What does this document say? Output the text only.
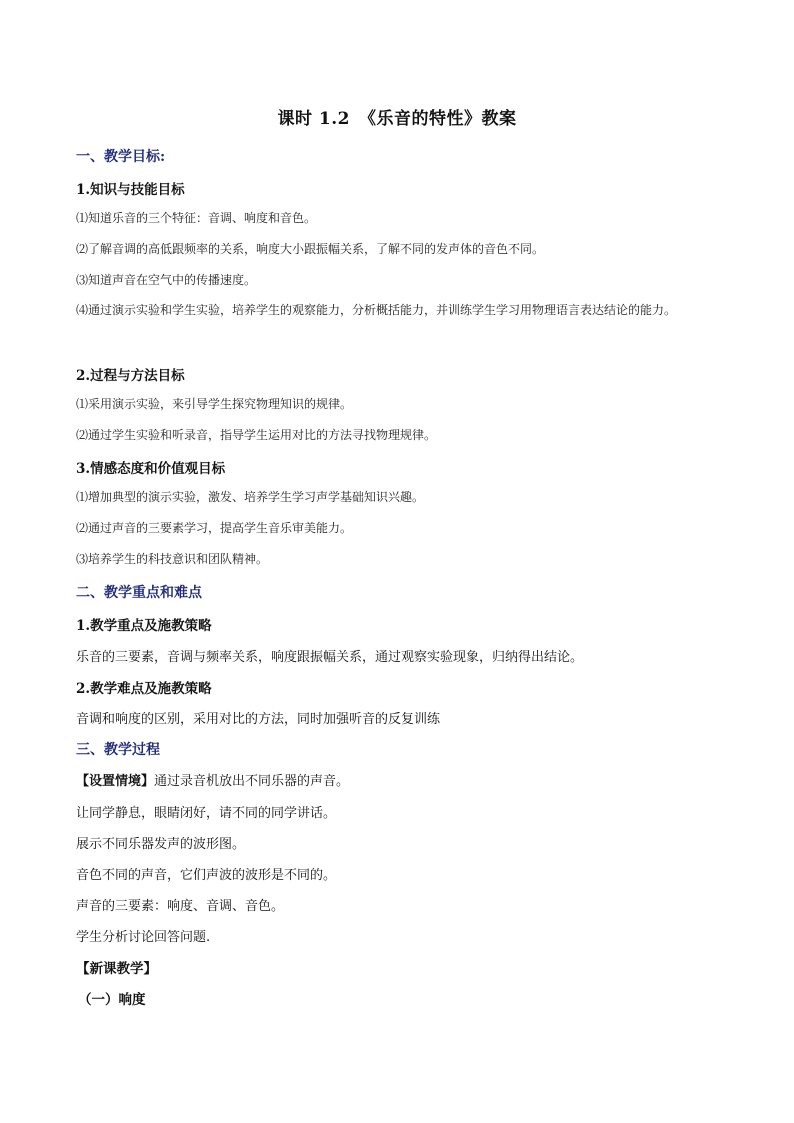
课时 1.2　《乐音的特性》教案
一、教学目标:
1.知识与技能目标
⑴知道乐音的三个特征：音调、响度和音色。
⑵了解音调的高低跟频率的关系，响度大小跟振幅关系，了解不同的发声体的音色不同。
⑶知道声音在空气中的传播速度。
⑷通过演示实验和学生实验，培养学生的观察能力，分析概括能力，并训练学生学习用物理语言表达结论的能力。
2.过程与方法目标
⑴采用演示实验，来引导学生探究物理知识的规律。
⑵通过学生实验和听录音，指导学生运用对比的方法寻找物理规律。
3.情感态度和价值观目标
⑴增加典型的演示实验，激发、培养学生学习声学基础知识兴趣。
⑵通过声音的三要素学习，提高学生音乐审美能力。
⑶培养学生的科技意识和团队精神。
二、教学重点和难点
1.教学重点及施教策略
乐音的三要素，音调与频率关系，响度跟振幅关系，通过观察实验现象，归纳得出结论。
2.教学难点及施教策略
音调和响度的区别，采用对比的方法，同时加强听音的反复训练
三、教学过程
【设置情境】通过录音机放出不同乐器的声音。
让同学静息，眼睛闭好，请不同的同学讲话。
展示不同乐器发声的波形图。
音色不同的声音，它们声波的波形是不同的。
声音的三要素：响度、音调、音色。
学生分析讨论回答问题.
【新课教学】
（一）响度
